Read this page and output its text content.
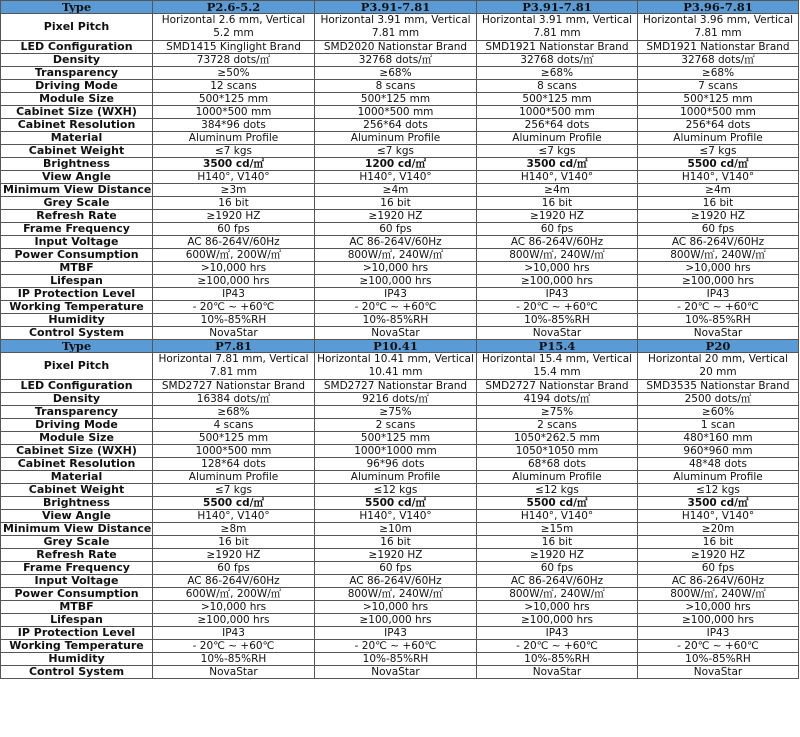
Type	P2.6-5.2	P3.91-7.81	P3.91-7.81	P3.96-7.81
Pixel Pitch	Horizontal 2.6 mm, Vertical 5.2 mm	Horizontal 3.91 mm, Vertical 7.81 mm	Horizontal 3.91 mm, Vertical 7.81 mm	Horizontal 3.96 mm, Vertical 7.81 mm
LED Configuration	SMD1415 Kinglight Brand	SMD2020 Nationstar Brand	SMD1921 Nationstar Brand	SMD1921 Nationstar Brand
Density	73728 dots/㎡	32768 dots/㎡	32768 dots/㎡	32768 dots/㎡
Transparency	≥50%	≥68%	≥68%	≥68%
Driving Mode	12 scans	8 scans	8 scans	7 scans
Module Size	500*125 mm	500*125 mm	500*125 mm	500*125 mm
Cabinet Size (WXH)	1000*500 mm	1000*500 mm	1000*500 mm	1000*500 mm
Cabinet Resolution	384*96 dots	256*64 dots	256*64 dots	256*64 dots
Material	Aluminum Profile	Aluminum Profile	Aluminum Profile	Aluminum Profile
Cabinet Weight	≤7 kgs	≤7 kgs	≤7 kgs	≤7 kgs
Brightness	3500 cd/㎡	1200 cd/㎡	3500 cd/㎡	5500 cd/㎡
View Angle	H140°, V140°	H140°, V140°	H140°, V140°	H140°, V140°
Minimum View Distance	≥3m	≥4m	≥4m	≥4m
Grey Scale	16 bit	16 bit	16 bit	16 bit
Refresh Rate	≥1920 HZ	≥1920 HZ	≥1920 HZ	≥1920 HZ
Frame Frequency	60 fps	60 fps	60 fps	60 fps
Input Voltage	AC 86-264V/60Hz	AC 86-264V/60Hz	AC 86-264V/60Hz	AC 86-264V/60Hz
Power Consumption	600W/㎡, 200W/㎡	800W/㎡, 240W/㎡	800W/㎡, 240W/㎡	800W/㎡, 240W/㎡
MTBF	>10,000 hrs	>10,000 hrs	>10,000 hrs	>10,000 hrs
Lifespan	≥100,000 hrs	≥100,000 hrs	≥100,000 hrs	≥100,000 hrs
IP Protection Level	IP43	IP43	IP43	IP43
Working Temperature	- 20℃ ~ +60℃	- 20℃ ~ +60℃	- 20℃ ~ +60℃	- 20℃ ~ +60℃
Humidity	10%-85%RH	10%-85%RH	10%-85%RH	10%-85%RH
Control System	NovaStar	NovaStar	NovaStar	NovaStar
Type	P7.81	P10.41	P15.4	P20
Pixel Pitch	Horizontal 7.81 mm, Vertical 7.81 mm	Horizontal 10.41 mm, Vertical 10.41 mm	Horizontal 15.4 mm, Vertical 15.4 mm	Horizontal 20 mm, Vertical 20 mm
LED Configuration	SMD2727 Nationstar Brand	SMD2727 Nationstar Brand	SMD2727 Nationstar Brand	SMD3535 Nationstar Brand
Density	16384 dots/㎡	9216 dots/㎡	4194 dots/㎡	2500 dots/㎡
Transparency	≥68%	≥75%	≥75%	≥60%
Driving Mode	4 scans	2 scans	2 scans	1 scan
Module Size	500*125 mm	500*125 mm	1050*262.5 mm	480*160 mm
Cabinet Size (WXH)	1000*500 mm	1000*1000 mm	1050*1050 mm	960*960 mm
Cabinet Resolution	128*64 dots	96*96 dots	68*68 dots	48*48 dots
Material	Aluminum Profile	Aluminum Profile	Aluminum Profile	Aluminum Profile
Cabinet Weight	≤7 kgs	≤12 kgs	≤12 kgs	≤12 kgs
Brightness	5500 cd/㎡	5500 cd/㎡	5500 cd/㎡	3500 cd/㎡
View Angle	H140°, V140°	H140°, V140°	H140°, V140°	H140°, V140°
Minimum View Distance	≥8m	≥10m	≥15m	≥20m
Grey Scale	16 bit	16 bit	16 bit	16 bit
Refresh Rate	≥1920 HZ	≥1920 HZ	≥1920 HZ	≥1920 HZ
Frame Frequency	60 fps	60 fps	60 fps	60 fps
Input Voltage	AC 86-264V/60Hz	AC 86-264V/60Hz	AC 86-264V/60Hz	AC 86-264V/60Hz
Power Consumption	600W/㎡, 200W/㎡	800W/㎡, 240W/㎡	800W/㎡, 240W/㎡	800W/㎡, 240W/㎡
MTBF	>10,000 hrs	>10,000 hrs	>10,000 hrs	>10,000 hrs
Lifespan	≥100,000 hrs	≥100,000 hrs	≥100,000 hrs	≥100,000 hrs
IP Protection Level	IP43	IP43	IP43	IP43
Working Temperature	- 20℃ ~ +60℃	- 20℃ ~ +60℃	- 20℃ ~ +60℃	- 20℃ ~ +60℃
Humidity	10%-85%RH	10%-85%RH	10%-85%RH	10%-85%RH
Control System	NovaStar	NovaStar	NovaStar	NovaStar
